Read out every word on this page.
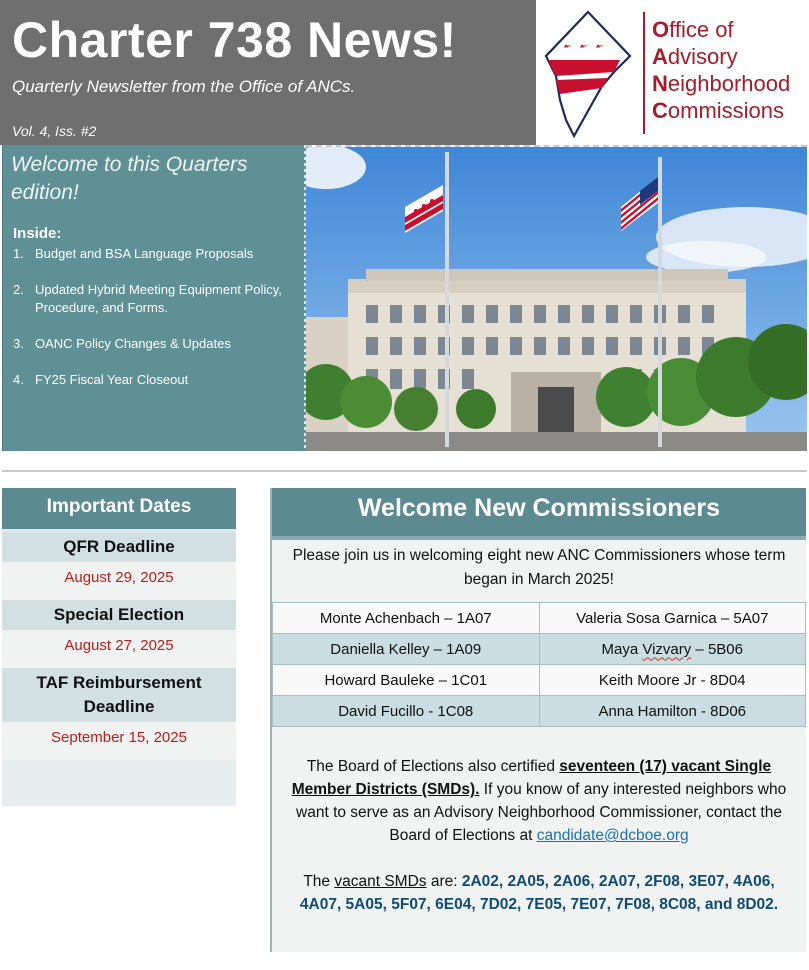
Charter 738 News!
Quarterly Newsletter from the Office of ANCs.
Vol. 4, Iss. #2
Office of
Advisory
Neighborhood
Commissions
Welcome to this Quarters edition!
Inside:
1. Budget and BSA Language Proposals
2. Updated Hybrid Meeting Equipment Policy, Procedure, and Forms.
3. OANC Policy Changes & Updates
4. FY25 Fiscal Year Closeout
Important Dates
QFR Deadline
August 29, 2025
Special Election
August 27, 2025
TAF Reimbursement Deadline
September 15, 2025
Welcome New Commissioners
Please join us in welcoming eight new ANC Commissioners whose term began in March 2025!
Monte Achenbach – 1A07	Valeria Sosa Garnica – 5A07
Daniella Kelley – 1A09	Maya Vizvary – 5B06
Howard Bauleke – 1C01	Keith Moore Jr - 8D04
David Fucillo - 1C08	Anna Hamilton - 8D06
The Board of Elections also certified seventeen (17) vacant Single Member Districts (SMDs). If you know of any interested neighbors who want to serve as an Advisory Neighborhood Commissioner, contact the Board of Elections at candidate@dcboe.org
The vacant SMDs are: 2A02, 2A05, 2A06, 2A07, 2F08, 3E07, 4A06, 4A07, 5A05, 5F07, 6E04, 7D02, 7E05, 7E07, 7F08, 8C08, and 8D02.
